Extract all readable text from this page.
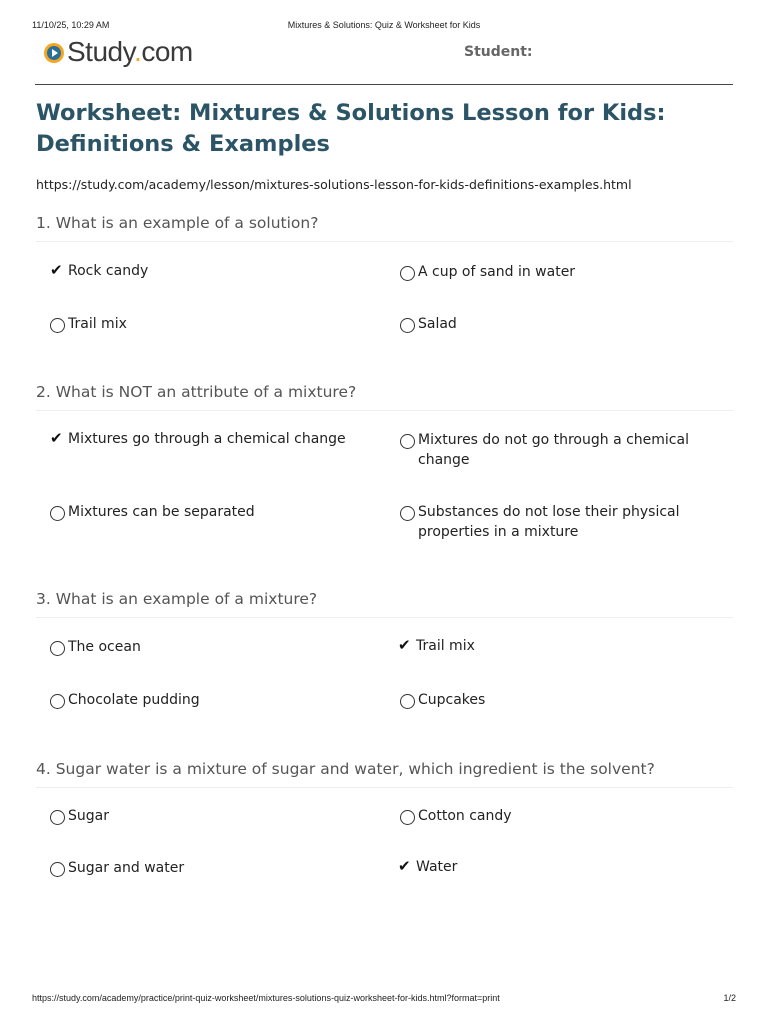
11/10/25, 10:29 AM	Mixtures & Solutions: Quiz & Worksheet for Kids
Study.com	Student:
Worksheet: Mixtures & Solutions Lesson for Kids: Definitions & Examples
https://study.com/academy/lesson/mixtures-solutions-lesson-for-kids-definitions-examples.html
1. What is an example of a solution?
✔ Rock candy	A cup of sand in water
Trail mix	Salad
2. What is NOT an attribute of a mixture?
✔ Mixtures go through a chemical change	Mixtures do not go through a chemical change
Mixtures can be separated	Substances do not lose their physical properties in a mixture
3. What is an example of a mixture?
The ocean	✔ Trail mix
Chocolate pudding	Cupcakes
4. Sugar water is a mixture of sugar and water, which ingredient is the solvent?
Sugar	Cotton candy
Sugar and water	✔ Water
https://study.com/academy/practice/print-quiz-worksheet/mixtures-solutions-quiz-worksheet-for-kids.html?format=print	1/2
